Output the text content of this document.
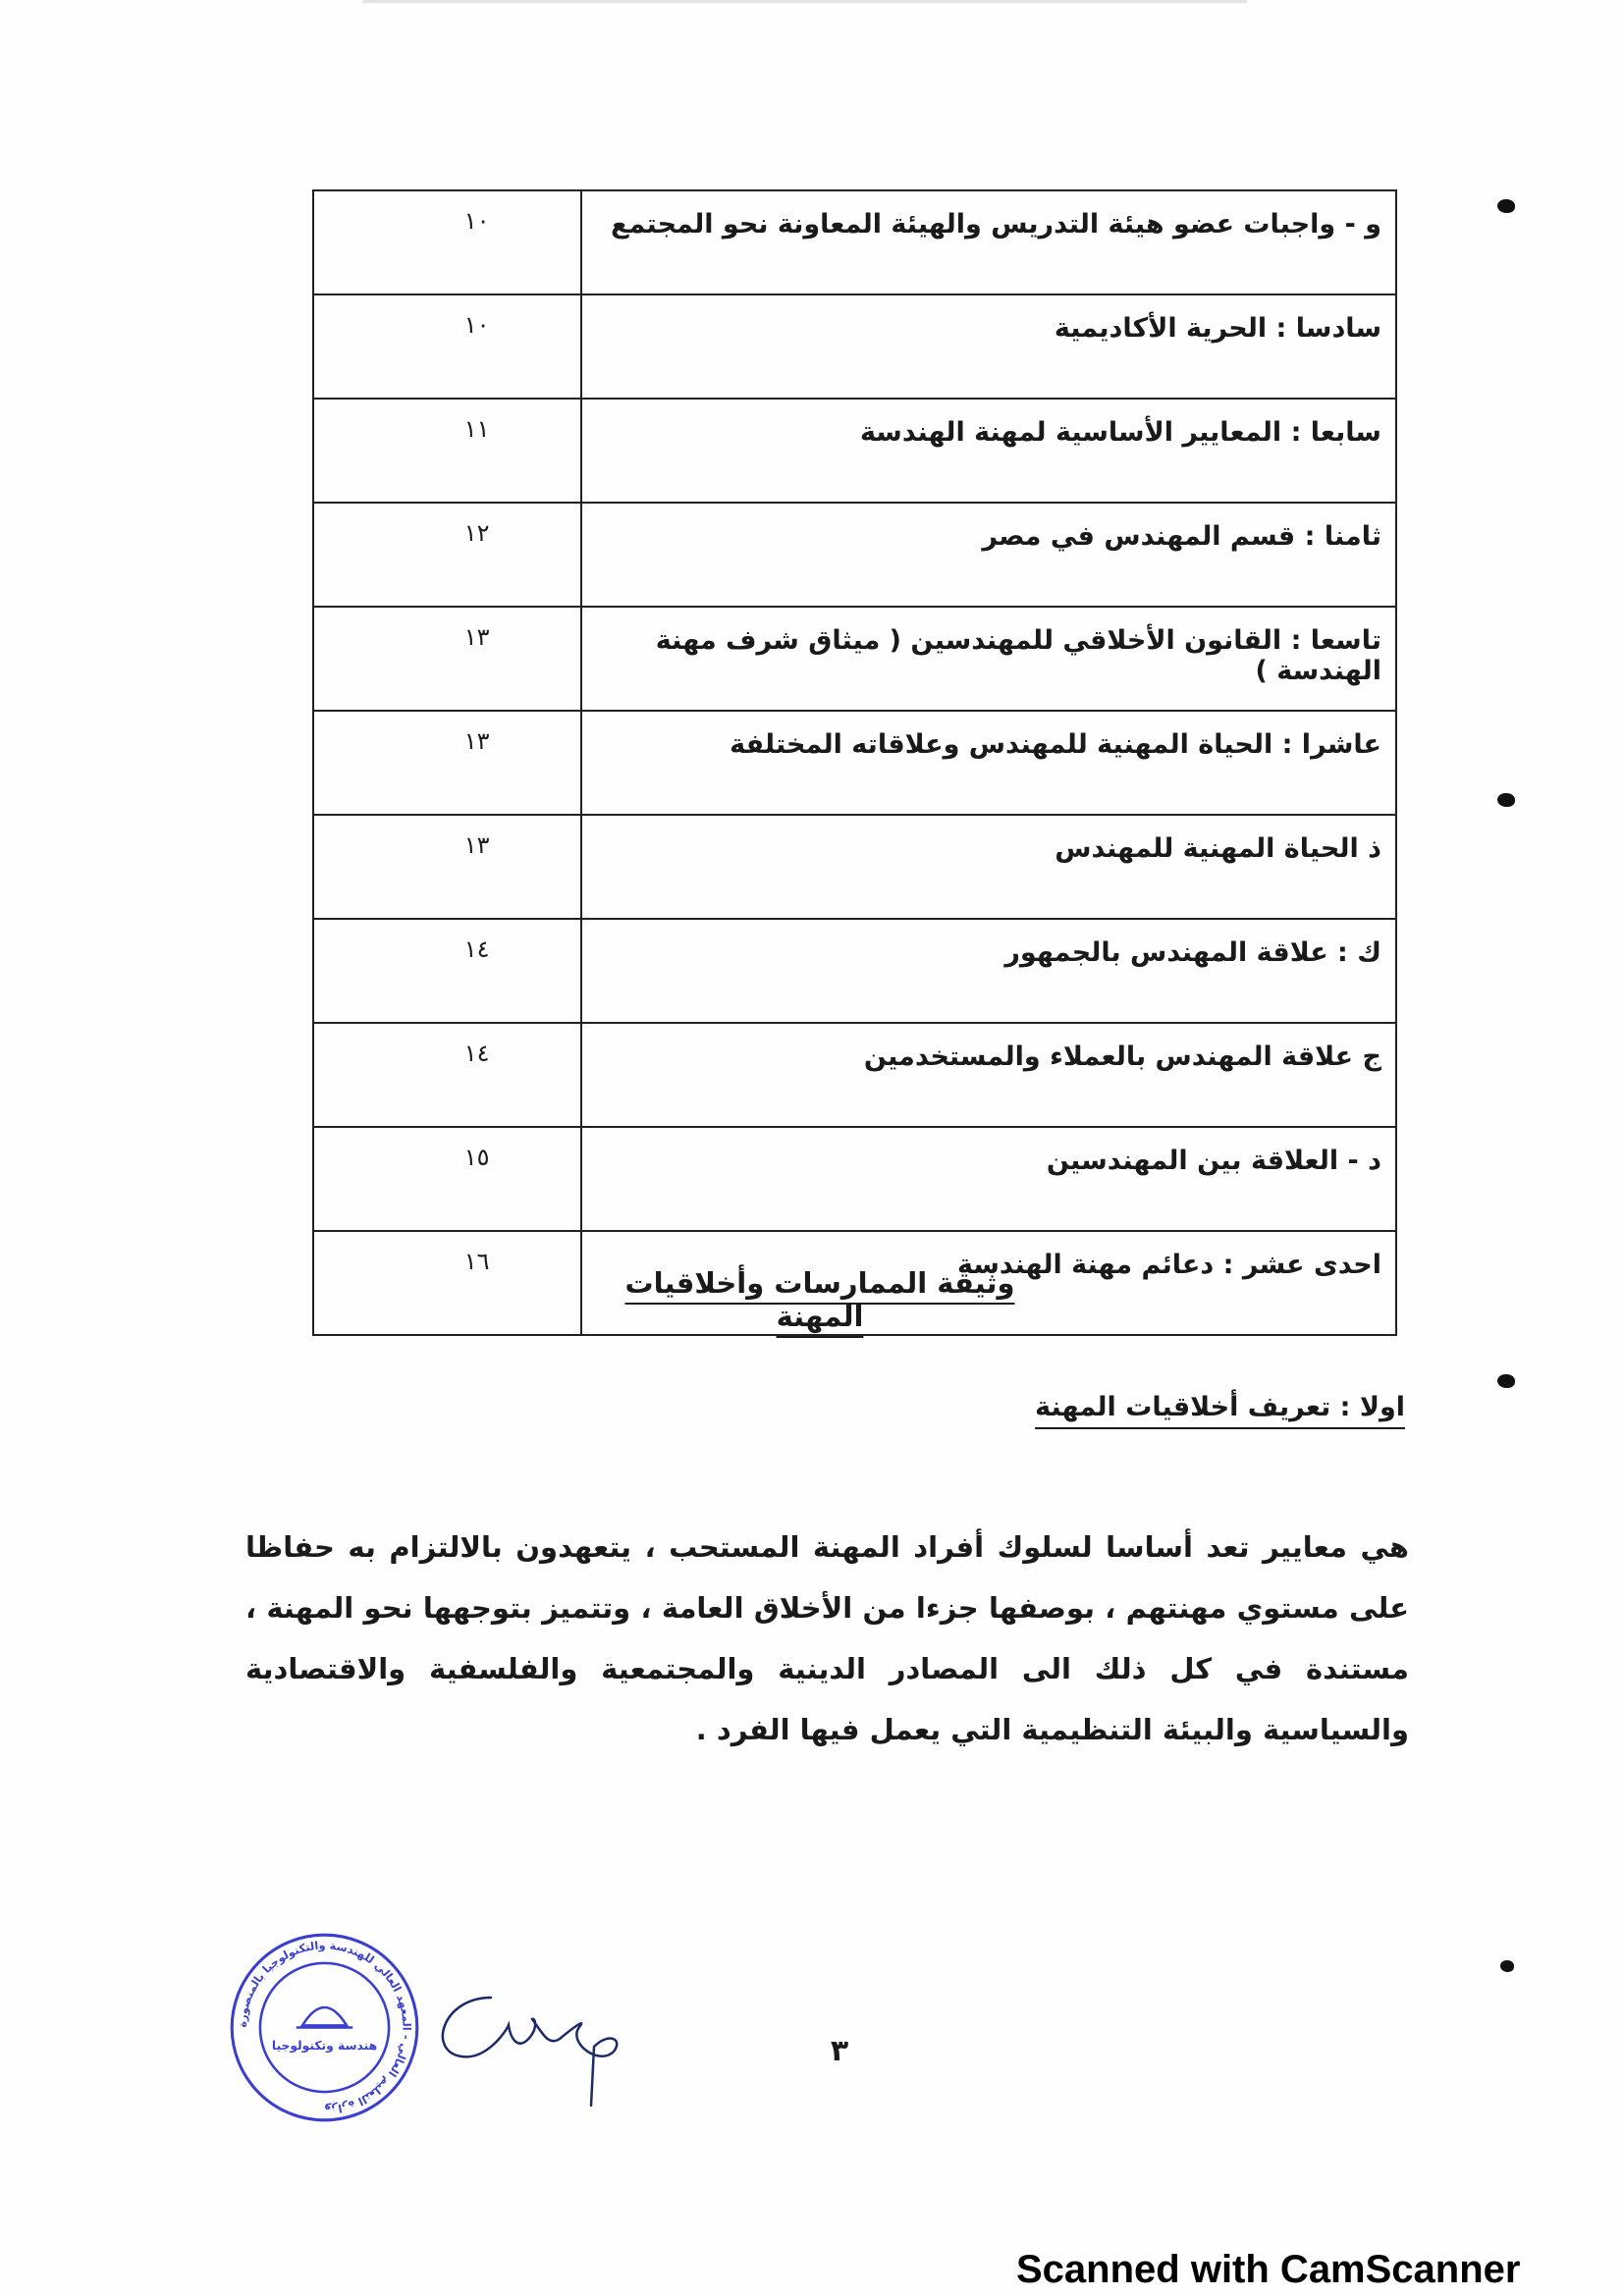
و - واجبات عضو هيئة التدريس والهيئة المعاونة نحو المجتمع	١٠
سادسا : الحرية الأكاديمية	١٠
سابعا : المعايير الأساسية لمهنة الهندسة	١١
ثامنا : قسم المهندس في مصر	١٢
تاسعا : القانون الأخلاقي للمهندسين ( ميثاق شرف مهنة الهندسة )	١٣
عاشرا : الحياة المهنية للمهندس وعلاقاته المختلفة	١٣
ذ الحياة المهنية للمهندس	١٣
ك : علاقة المهندس بالجمهور	١٤
ج علاقة المهندس بالعملاء والمستخدمين	١٤
د - العلاقة بين المهندسين	١٥
احدى عشر : دعائم مهنة الهندسة	١٦
وثيقة الممارسات وأخلاقيات المهنة
اولا : تعريف أخلاقيات المهنة
هي معايير تعد أساسا لسلوك أفراد المهنة المستحب ، يتعهدون بالالتزام به حفاظا على مستوي مهنتهم ، بوصفها جزءا من الأخلاق العامة ، وتتميز بتوجهها نحو المهنة ، مستندة في كل ذلك الى المصادر الدينية والمجتمعية والفلسفية والاقتصادية والسياسية والبيئة التنظيمية التي يعمل فيها الفرد .
وزارة التعليم العالي - المعهد العالي للهندسة والتكنولوجيا بالمنصورة
هندسة وتكنولوجيا	٣
Scanned with CamScanner
